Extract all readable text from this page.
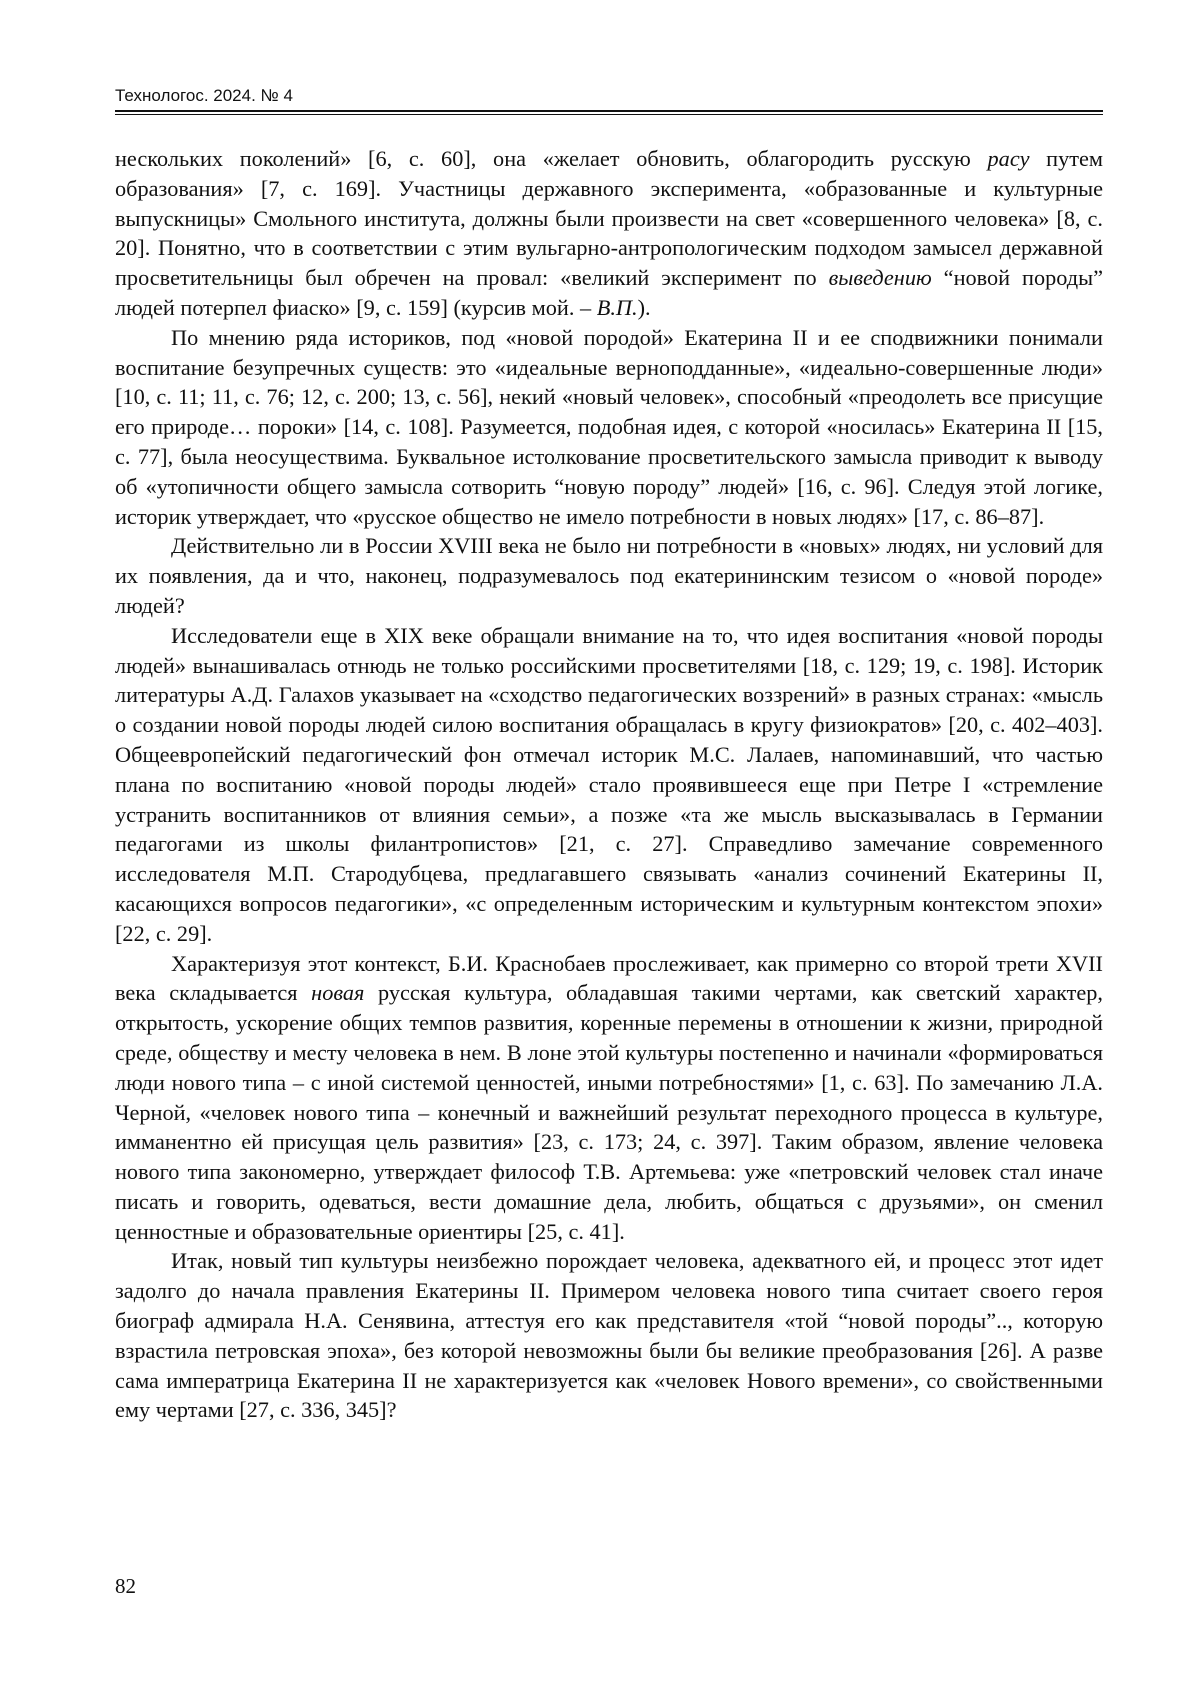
Технологос. 2024. № 4

нескольких поколений» [6, с. 60], она «желает обновить, облагородить русскую расу путем образования» [7, с. 169]. Участницы державного эксперимента, «образованные и культурные выпускницы» Смольного института, должны были произвести на свет «совершенного человека» [8, с. 20]. Понятно, что в соответствии с этим вульгарно-антропологическим подходом замысел державной просветительницы был обречен на провал: «великий эксперимент по выведению “новой породы” людей потерпел фиаско» [9, с. 159] (курсив мой. – В.П.).

По мнению ряда историков, под «новой породой» Екатерина II и ее сподвижники понимали воспитание безупречных существ: это «идеальные верноподданные», «идеально-совершенные люди» [10, с. 11; 11, с. 76; 12, с. 200; 13, с. 56], некий «новый человек», способный «преодолеть все присущие его природе… пороки» [14, с. 108]. Разумеется, подобная идея, с которой «носилась» Екатерина II [15, с. 77], была неосуществима. Буквальное истолкование просветительского замысла приводит к выводу об «утопичности общего замысла сотворить “новую породу” людей» [16, с. 96]. Следуя этой логике, историк утверждает, что «русское общество не имело потребности в новых людях» [17, с. 86–87].

Действительно ли в России XVIII века не было ни потребности в «новых» людях, ни условий для их появления, да и что, наконец, подразумевалось под екатерининским тезисом о «новой породе» людей?

Исследователи еще в XIX веке обращали внимание на то, что идея воспитания «новой породы людей» вынашивалась отнюдь не только российскими просветителями [18, с. 129; 19, с. 198]. Историк литературы А.Д. Галахов указывает на «сходство педагогических воззрений» в разных странах: «мысль о создании новой породы людей силою воспитания обращалась в кругу физиократов» [20, с. 402–403]. Общеевропейский педагогический фон отмечал историк М.С. Лалаев, напоминавший, что частью плана по воспитанию «новой породы людей» стало проявившееся еще при Петре I «стремление устранить воспитанников от влияния семьи», а позже «та же мысль высказывалась в Германии педагогами из школы филантропистов» [21, с. 27]. Справедливо замечание современного исследователя М.П. Стародубцева, предлагавшего связывать «анализ сочинений Екатерины II, касающихся вопросов педагогики», «с определенным историческим и культурным контекстом эпохи» [22, с. 29].

Характеризуя этот контекст, Б.И. Краснобаев прослеживает, как примерно со второй трети XVII века складывается новая русская культура, обладавшая такими чертами, как светский характер, открытость, ускорение общих темпов развития, коренные перемены в отношении к жизни, природной среде, обществу и месту человека в нем. В лоне этой культуры постепенно и начинали «формироваться люди нового типа – с иной системой ценностей, иными потребностями» [1, с. 63]. По замечанию Л.А. Черной, «человек нового типа – конечный и важнейший результат переходного процесса в культуре, имманентно ей присущая цель развития» [23, с. 173; 24, с. 397]. Таким образом, явление человека нового типа закономерно, утверждает философ Т.В. Артемьева: уже «петровский человек стал иначе писать и говорить, одеваться, вести домашние дела, любить, общаться с друзьями», он сменил ценностные и образовательные ориентиры [25, с. 41].

Итак, новый тип культуры неизбежно порождает человека, адекватного ей, и процесс этот идет задолго до начала правления Екатерины II. Примером человека нового типа считает своего героя биограф адмирала Н.А. Сенявина, аттестуя его как представителя «той “новой породы”.., которую взрастила петровская эпоха», без которой невозможны были бы великие преобразования [26]. А разве сама императрица Екатерина II не характеризуется как «человек Нового времени», со свойственными ему чертами [27, с. 336, 345]?

82
